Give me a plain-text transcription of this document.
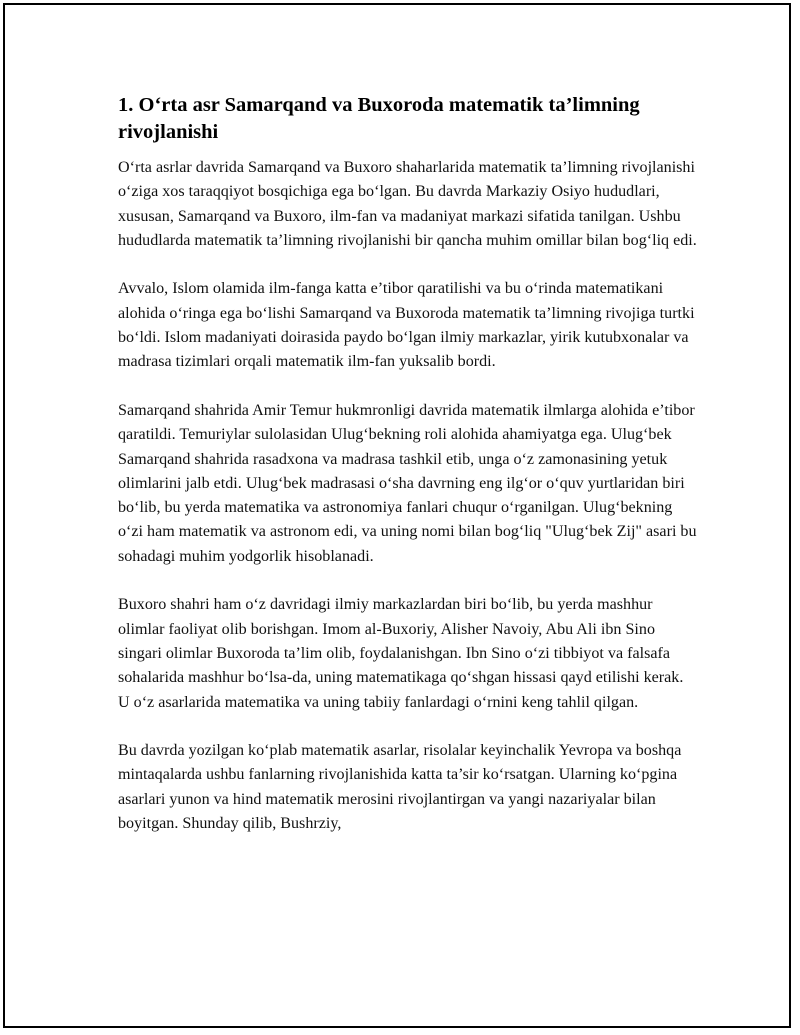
1. O‘rta asr Samarqand va Buxoroda matematik ta’limning rivojlanishi

O‘rta asrlar davrida Samarqand va Buxoro shaharlarida matematik ta’limning rivojlanishi o‘ziga xos taraqqiyot bosqichiga ega bo‘lgan. Bu davrda Markaziy Osiyo hududlari, xususan, Samarqand va Buxoro, ilm-fan va madaniyat markazi sifatida tanilgan. Ushbu hududlarda matematik ta’limning rivojlanishi bir qancha muhim omillar bilan bog‘liq edi.

Avvalo, Islom olamida ilm-fanga katta e’tibor qaratilishi va bu o‘rinda matematikani alohida o‘ringa ega bo‘lishi Samarqand va Buxoroda matematik ta’limning rivojiga turtki bo‘ldi. Islom madaniyati doirasida paydo bo‘lgan ilmiy markazlar, yirik kutubxonalar va madrasa tizimlari orqali matematik ilm-fan yuksalib bordi.

Samarqand shahrida Amir Temur hukmronligi davrida matematik ilmlarga alohida e’tibor qaratildi. Temuriylar sulolasidan Ulug‘bekning roli alohida ahamiyatga ega. Ulug‘bek Samarqand shahrida rasadxona va madrasa tashkil etib, unga o‘z zamonasining yetuk olimlarini jalb etdi. Ulug‘bek madrasasi o‘sha davrning eng ilg‘or o‘quv yurtlaridan biri bo‘lib, bu yerda matematika va astronomiya fanlari chuqur o‘rganilgan. Ulug‘bekning o‘zi ham matematik va astronom edi, va uning nomi bilan bog‘liq "Ulug‘bek Zij" asari bu sohadagi muhim yodgorlik hisoblanadi.

Buxoro shahri ham o‘z davridagi ilmiy markazlardan biri bo‘lib, bu yerda mashhur olimlar faoliyat olib borishgan. Imom al-Buxoriy, Alisher Navoiy, Abu Ali ibn Sino singari olimlar Buxoroda ta’lim olib, foydalanishgan. Ibn Sino o‘zi tibbiyot va falsafa sohalarida mashhur bo‘lsa-da, uning matematikaga qo‘shgan hissasi qayd etilishi kerak. U o‘z asarlarida matematika va uning tabiiy fanlardagi o‘rnini keng tahlil qilgan.

Bu davrda yozilgan ko‘plab matematik asarlar, risolalar keyinchalik Yevropa va boshqa mintaqalarda ushbu fanlarning rivojlanishida katta ta’sir ko‘rsatgan. Ularning ko‘pgina asarlari yunon va hind matematik merosini rivojlantirgan va yangi nazariyalar bilan boyitgan. Shunday qilib, Bushrziy,
